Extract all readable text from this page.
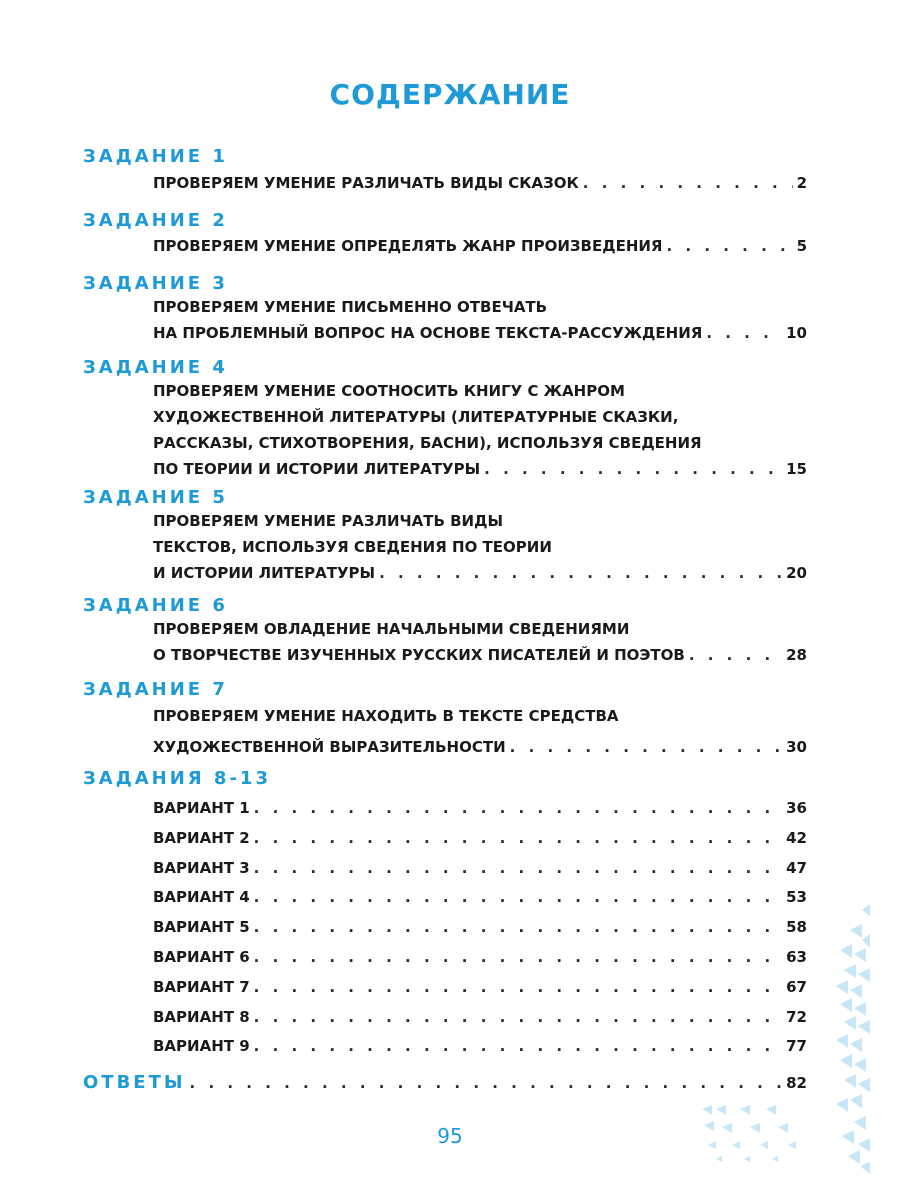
СОДЕРЖАНИЕ
ЗАДАНИЕ 1
ПРОВЕРЯЕМ УМЕНИЕ РАЗЛИЧАТЬ ВИДЫ СКАЗОК . . .	2
ЗАДАНИЕ 2
ПРОВЕРЯЕМ УМЕНИЕ ОПРЕДЕЛЯТЬ ЖАНР ПРОИЗВЕДЕНИЯ . . .	5
ЗАДАНИЕ 3
ПРОВЕРЯЕМ УМЕНИЕ ПИСЬМЕННО ОТВЕЧАТЬ
НА ПРОБЛЕМНЫЙ ВОПРОС НА ОСНОВЕ ТЕКСТА-РАССУЖДЕНИЯ . . .	10
ЗАДАНИЕ 4
ПРОВЕРЯЕМ УМЕНИЕ СООТНОСИТЬ КНИГУ С ЖАНРОМ
ХУДОЖЕСТВЕННОЙ ЛИТЕРАТУРЫ (ЛИТЕРАТУРНЫЕ СКАЗКИ,
РАССКАЗЫ, СТИХОТВОРЕНИЯ, БАСНИ), ИСПОЛЬЗУЯ СВЕДЕНИЯ
ПО ТЕОРИИ И ИСТОРИИ ЛИТЕРАТУРЫ . . .	15
ЗАДАНИЕ 5
ПРОВЕРЯЕМ УМЕНИЕ РАЗЛИЧАТЬ ВИДЫ
ТЕКСТОВ, ИСПОЛЬЗУЯ СВЕДЕНИЯ ПО ТЕОРИИ
И ИСТОРИИ ЛИТЕРАТУРЫ . . .	20
ЗАДАНИЕ 6
ПРОВЕРЯЕМ ОВЛАДЕНИЕ НАЧАЛЬНЫМИ СВЕДЕНИЯМИ
О ТВОРЧЕСТВЕ ИЗУЧЕННЫХ РУССКИХ ПИСАТЕЛЕЙ И ПОЭТОВ . . .	28
ЗАДАНИЕ 7
ПРОВЕРЯЕМ УМЕНИЕ НАХОДИТЬ В ТЕКСТЕ СРЕДСТВА
ХУДОЖЕСТВЕННОЙ ВЫРАЗИТЕЛЬНОСТИ . . .	30
ЗАДАНИЯ 8-13
ВАРИАНТ 1 . . .	36
ВАРИАНТ 2 . . .	42
ВАРИАНТ 3 . . .	47
ВАРИАНТ 4 . . .	53
ВАРИАНТ 5 . . .	58
ВАРИАНТ 6 . . .	63
ВАРИАНТ 7 . . .	67
ВАРИАНТ 8 . . .	72
ВАРИАНТ 9 . . .	77
ОТВЕТЫ . . .	82
95
